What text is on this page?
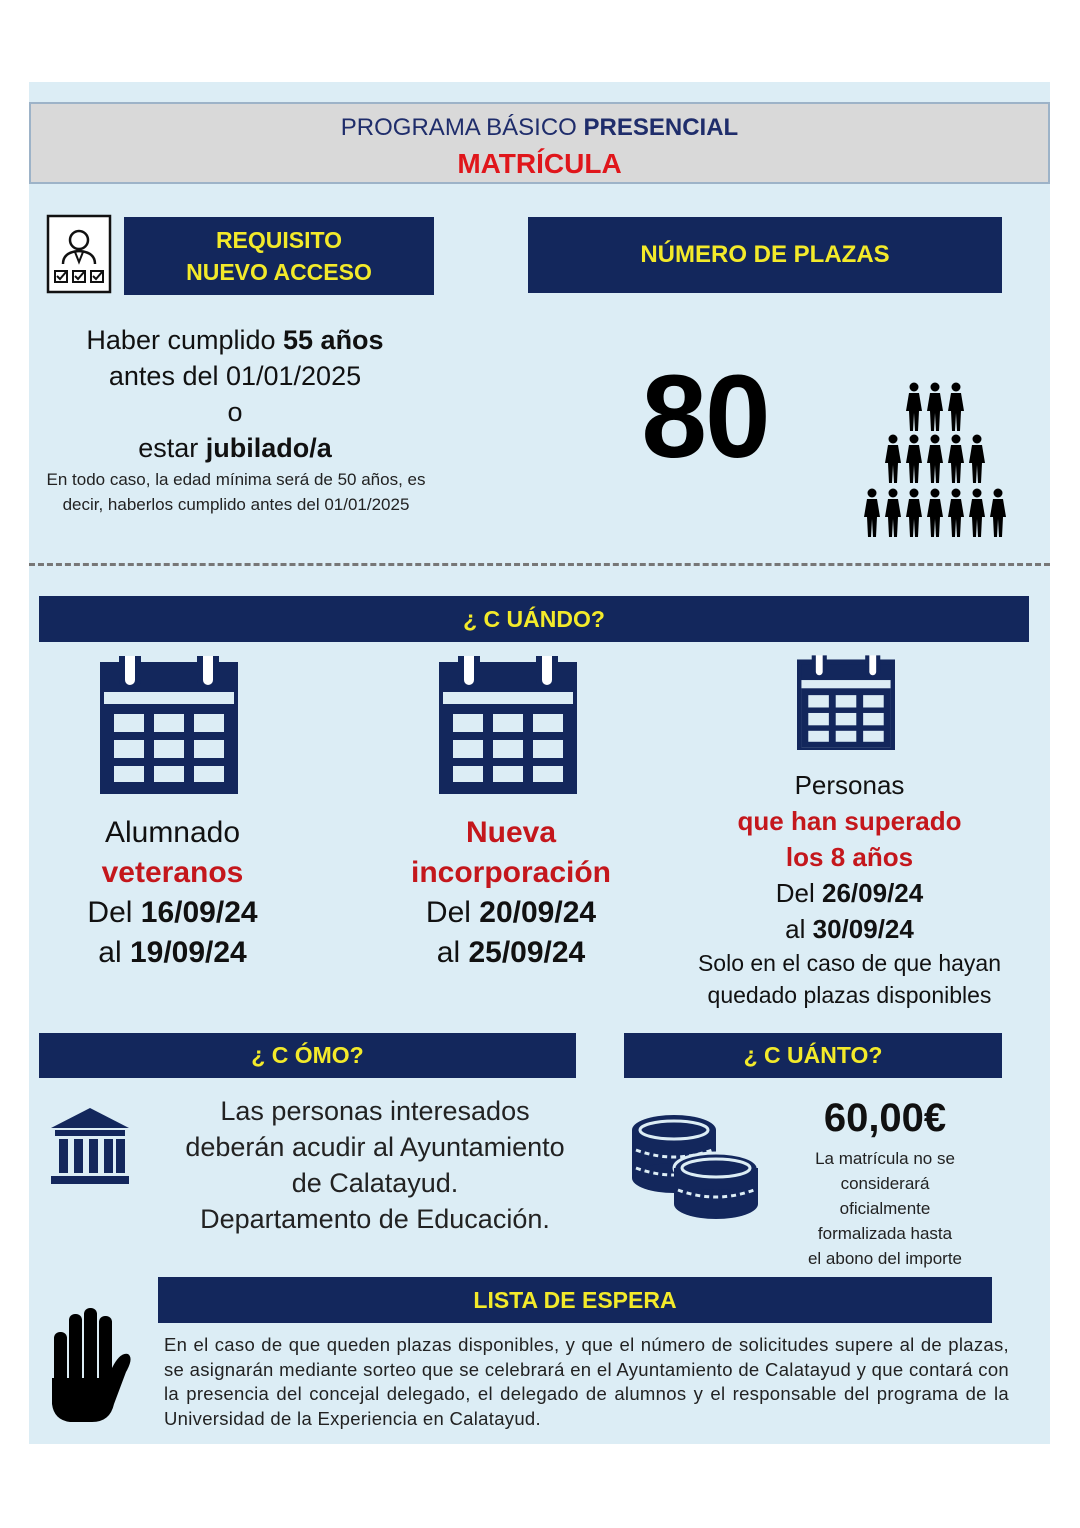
PROGRAMA BÁSICO PRESENCIAL
MATRÍCULA
REQUISITO
NUEVO ACCESO
Haber cumplido 55 años
antes del 01/01/2025
o
estar jubilado/a
En todo caso, la edad mínima será de 50 años, es decir, haberlos cumplido antes del 01/01/2025
NÚMERO DE PLAZAS
80
¿ C UÁNDO?
Alumnado
veteranos
Del 16/09/24
al 19/09/24
Nueva
incorporación
Del 20/09/24
al 25/09/24
Personas
que han superado
los 8 años
Del 26/09/24
al 30/09/24
Solo en el caso de que hayan
quedado plazas disponibles
¿ C ÓMO?
Las personas interesados
deberán acudir al Ayuntamiento
de Calatayud.
Departamento de Educación.
¿ C UÁNTO?
60,00€
La matrícula no se
considerará
oficialmente
formalizada hasta
el abono del importe
LISTA DE ESPERA
En el caso de que queden plazas disponibles, y que el número de solicitudes supere al de plazas, se asignarán mediante sorteo que se celebrará en el Ayuntamiento de Calatayud y que contará con la presencia del concejal delegado, el delegado de alumnos y el responsable del programa de la Universidad de la Experiencia en Calatayud.
